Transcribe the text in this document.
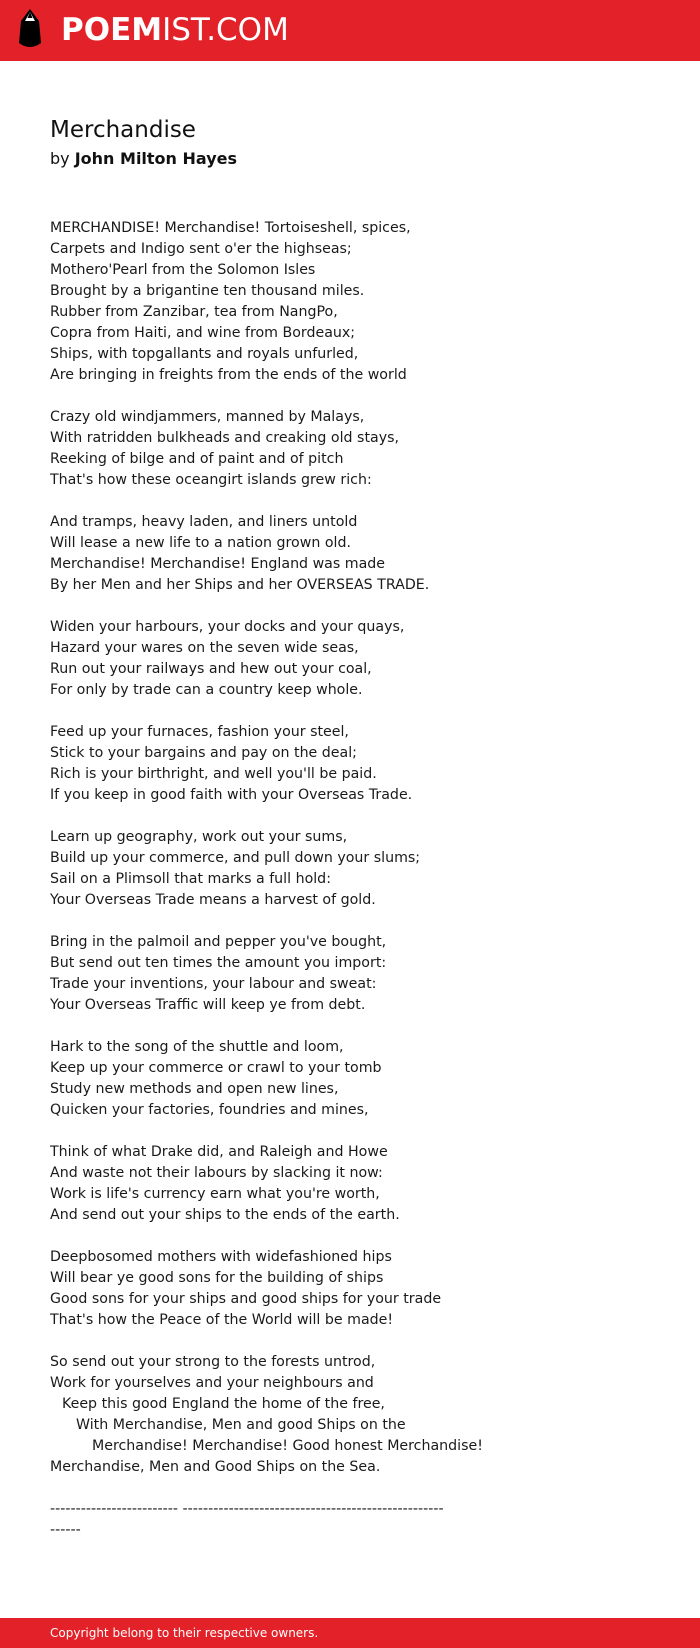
POEMIST.COM
Merchandise
by John Milton Hayes

MERCHANDISE! Merchandise! Tortoiseshell, spices,
Carpets and Indigo sent o'er the highseas;
Mothero'Pearl from the Solomon Isles
Brought by a brigantine ten thousand miles.
Rubber from Zanzibar, tea from NangPo,
Copra from Haiti, and wine from Bordeaux;
Ships, with topgallants and royals unfurled,
Are bringing in freights from the ends of the world

Crazy old windjammers, manned by Malays,
With ratridden bulkheads and creaking old stays,
Reeking of bilge and of paint and of pitch
That's how these oceangirt islands grew rich:

And tramps, heavy laden, and liners untold
Will lease a new life to a nation grown old.
Merchandise! Merchandise! England was made
By her Men and her Ships and her OVERSEAS TRADE.

Widen your harbours, your docks and your quays,
Hazard your wares on the seven wide seas,
Run out your railways and hew out your coal,
For only by trade can a country keep whole.

Feed up your furnaces, fashion your steel,
Stick to your bargains and pay on the deal;
Rich is your birthright, and well you'll be paid.
If you keep in good faith with your Overseas Trade.

Learn up geography, work out your sums,
Build up your commerce, and pull down your slums;
Sail on a Plimsoll that marks a full hold:
Your Overseas Trade means a harvest of gold.

Bring in the palmoil and pepper you've bought,
But send out ten times the amount you import:
Trade your inventions, your labour and sweat:
Your Overseas Traffic will keep ye from debt.

Hark to the song of the shuttle and loom,
Keep up your commerce or crawl to your tomb
Study new methods and open new lines,
Quicken your factories, foundries and mines,

Think of what Drake did, and Raleigh and Howe
And waste not their labours by slacking it now:
Work is life's currency earn what you're worth,
And send out your ships to the ends of the earth.

Deepbosomed mothers with widefashioned hips
Will bear ye good sons for the building of ships
Good sons for your ships and good ships for your trade
That's how the Peace of the World will be made!

So send out your strong to the forests untrod,
Work for yourselves and your neighbours and
Keep this good England the home of the free,
With Merchandise, Men and good Ships on the
Merchandise! Merchandise! Good honest Merchandise!
Merchandise, Men and Good Ships on the Sea.

------------------------- ---------------------------------------------------
------

Copyright belong to their respective owners.
